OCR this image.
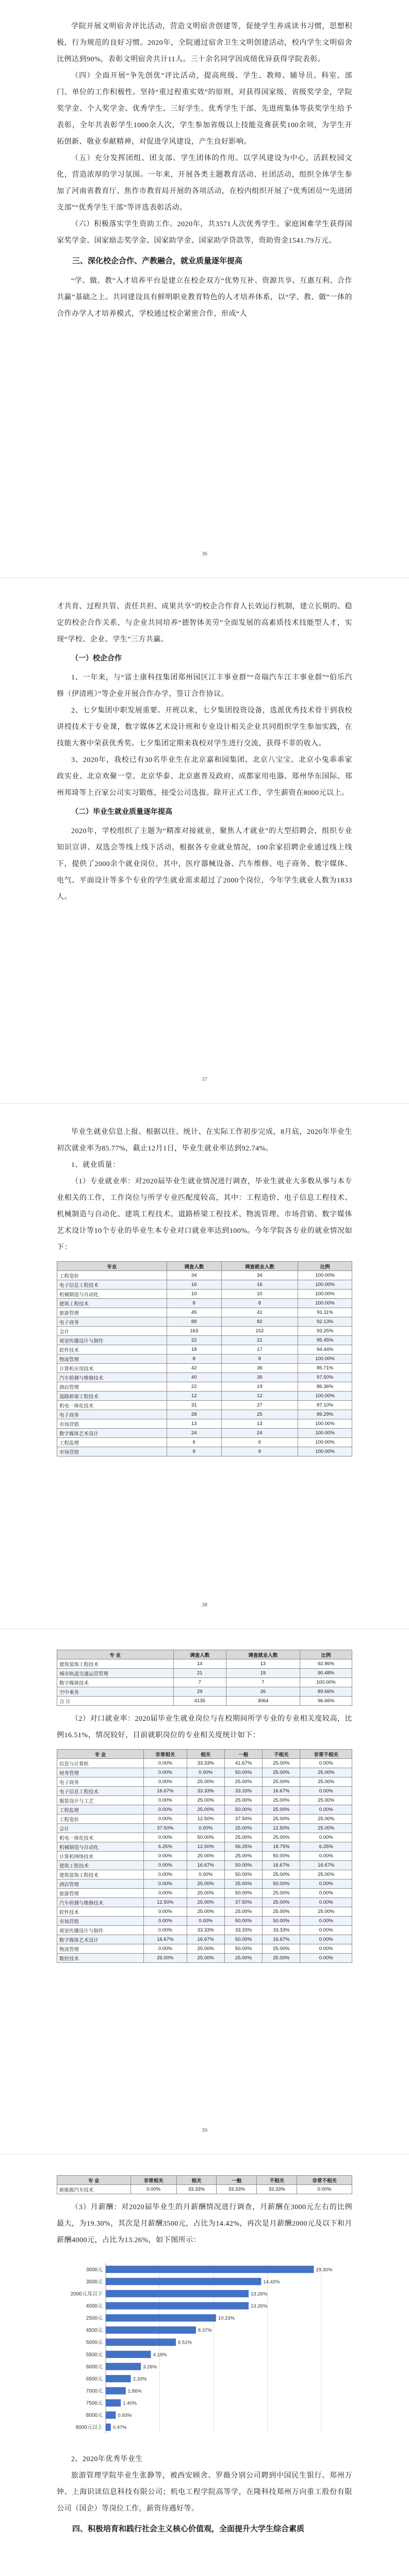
学院开展文明宿舍评比活动，营造文明宿舍创建等，促使学生养成读书习惯，思想积极，行为规范的良好习惯。2020年，全院通过宿舍卫生文明创建活动，校内学生文明宿舍比例达到90%，表彰文明宿舍共计11人。三十余名同学因成绩优异获得学院表彰。

（四）全面开展“争先创优”评比活动，提高班级、学生、教师、辅导员、科室、部门、单位的工作积极性。坚持“重过程重实效”的原则，对获得国家级、省级奖学金，学院奖学金、个人奖学金、优秀学生、三好学生、优秀学生干部、先进班集体等获奖学生给予表彰，全年共表彰学生1000余人次，学生参加省级以上技能竞赛获奖100余项，为学生开拓创新、敬业奉献精神，对促进学风建设，产生良好影响。

（五）充分发挥团组、团支部、学生团体的作用。以学风建设为中心，活跃校园文化，营造浓厚的学习氛围。一年来，开展各类主题教育活动、社团活动，组织全体学生参加了河南省教育厅、焦作市教育局开展的各项活动，在校内组织开展了“优秀团员”“先进团支部”“优秀学生干部”等评选表彰活动。

（六）积极落实学生资助工作。2020年，共3571人次优秀学生、家庭困难学生获得国家奖学金、国家励志奖学金、国家助学金、国家助学贷款等，资助资金1541.79万元。

三、深化校企合作、产教融合，就业质量逐年提高

“学、做、教”入才培养平台是建立在校企双方“优势互补、资源共享、互惠互利、合作共赢”基础之上。共同建设具有鲜明职业教育特色的人才培养体系，以“学、教、做”一体的合作办学人才培养模式，学校通过校企紧密合作，形成“人

36

才共育、过程共管、责任共担、成果共享”的校企合作育人长效运行机制，建立长期的、稳定的校企合作关系，与企业共同培养“德智体美劳”全面发展的高素质技术技能型人才，实现“学校、企业、学生”三方共赢。

（一）校企合作

1、一年来，与“富士康科技集团郑州园区江丰事业群”“奇瑞汽车江丰事业群”“伯乐汽修（伊清班）”等企业开展合作办学，签订合作协议。

2、七夕集团中职发展重要。开班以来，七夕集团投资设备，选派优秀技术骨干到我校讲授技术于专业课，数字媒体艺术设计班和专业设计相关企业共同组织学生参加实践，在技能大赛中荣获优秀奖。七夕集团定期来我校对学生进行交流，获得不菲的收入。

3、2020年，我校已有30名毕业生在北京嘉和园集团、北京八宝宝、北京小兔乖乖家政实业、北京欢聚一堂、北京华泰、北京惠普及政府、成都家用电器、郑州华东国际、郑州邦琦等上百家公司实习锻炼，接受公司选拔。除开正式工作，学生薪资在8000元以上。

（二）毕业生就业质量逐年提高

2020年，学校组织了主题为“精准对接就业，聚焦人才就业”的大型招聘会，组织专业知识宣讲、双选会等线上线下活动，根据各专业就业情况，100余家招聘企业通过线上线下，提供了2000余个就业岗位，其中，医疗器械设备、汽车维修、电子商务、数字媒体、电气、平面设计等多个专业的学生就业需求超过了2000个岗位，今年学生就业人数为1833人。

37

毕业生就业信息上报、根据以往、统计、在实际工作初步完成，8月底，2020年毕业生初次就业率为85.77%，截止12月1日，毕业生就业率达到92.74%。

1、就业质量：

（1）专业就业率：对2020届毕业生就业情况进行调查，毕业生就业大多数从事与本专业相关的工作，工作岗位与所学专业匹配度较高，其中：工程造价、电子信息工程技术、机械制造与自动化、建筑工程技术、道路桥梁工程技术、物流管理、市场营销、数字媒体艺术设计等10个专业的毕业生本专业对口就业率达到100%。今年学院各专业的就业情况如下：

专业	调查人数	调查就业人数	比例
工程造价	34	34	100.00%
电子信息工程技术	16	16	100.00%
机械制造与自动化	10	10	100.00%
建筑工程技术	8	8	100.00%
旅游管理	45	41	91.11%
电子商务	89	82	92.13%
会计	163	152	93.25%
视觉传播设计与制作	22	21	95.45%
软件技术	18	17	94.44%
物流管理	8	8	100.00%
计算机应用技术	42	36	85.71%
汽车检测与维修技术	40	39	97.50%
酒店管理	22	19	86.36%
道路桥梁工程技术	12	12	100.00%
机电一体化技术	31	27	87.10%
电子商务	28	25	89.29%
市场营销	13	13	100.00%
数字媒体艺术设计	24	24	100.00%
工程监理	6	6	100.00%
市场营销	9	9	100.00%
38
专 业	调查人数	调查就业人数	比例
建筑装饰工程技术	14	13	92.86%
城市轨道交通运营管理	21	19	90.48%
数字媒体技术	7	7	100.00%
空中乘务	29	26	89.66%
合 计	4135	3064	96.66%

（2）对口就业率：2020届毕业生就业岗位与在校期间所学专业的专业相关度较高，比例16.51%，情况较好，目前就职岗位的专业相关度统计如下：

专 业	非常相关	相关	一般	不相关	非常不相关
信息与计算机	0.00%	33.33%	41.67%	25.00%	0.00%
财务管理	0.00%	0.00%	50.00%	25.00%	25.00%
电子商务	0.00%	25.00%	25.00%	25.00%	25.00%
电子信息工程技术	16.67%	33.33%	33.33%	16.67%	0.00%
服装设计与工艺	0.00%	25.00%	25.00%	25.00%	25.00%
工程监理	0.00%	25.00%	50.00%	25.00%	0.00%
工程造价	0.00%	12.50%	37.50%	25.00%	25.00%
会计	37.50%	0.00%	25.00%	12.50%	25.00%
机电一体化技术	0.00%	50.00%	25.00%	25.00%	0.00%
机械制造与自动化	6.25%	12.50%	56.25%	18.75%	6.25%
计算机网络技术	0.00%	25.00%	25.00%	50.00%	0.00%
建筑工程技术	0.00%	16.67%	50.00%	16.67%	16.67%
建筑装饰工程技术	0.00%	0.00%	50.00%	25.00%	25.00%
酒店管理	0.00%	25.00%	25.00%	50.00%	0.00%
旅游管理	0.00%	25.00%	50.00%	25.00%	0.00%
汽车检测与维修技术	12.50%	25.00%	37.50%	25.00%	0.00%
软件技术	0.00%	25.00%	25.00%	25.00%	25.00%
市场营销	0.00%	0.00%	50.00%	50.00%	0.00%
视觉传播设计与制作	0.00%	33.33%	33.33%	33.33%	0.00%
数字媒体艺术设计	16.67%	16.67%	50.00%	16.67%	0.00%
物流管理	0.00%	25.00%	50.00%	25.00%	0.00%
数控技术	25.00%	25.00%	25.00%	25.00%	0.00%
39
专 业	非常相关	相关	一般	不相关	非常不相关
新能源汽车技术	0.00%	33.33%	33.33%	33.33%	0.00%

（3）月薪酬：对2020届毕业生的月薪酬情况进行调查，月薪酬在3000元左右的比例最大，为19.30%，其次是月薪酬3500元，占比为14.42%，再次是月薪酬2000元及以下和月薪酬4000元，占比为13.26%，如下图所示：

3000元	19.30%
3500元	14.42%
2000元及以下	13.26%
4000元	13.26%
2500元	10.23%
4500元	8.37%
5000元	6.51%
5500元	4.19%
6000元	3.26%
6500元	2.33%
7000元	1.86%
7500元	1.40%
8000元	0.93%
8000元以上 0.47%

2、2020年优秀毕业生

旅游管理学院毕业生张静等，被西安顾舍、罗薇分别公司聘到中国民生银行、郑州万钟、上海识读信息科技有限公司；机电工程学院高等学，在隆科技郑州万向重工股份有限公司（国企）等岗位工作，薪资待遇好等。

四、积极培育和践行社会主义核心价值观，全面提升大学生综合素质
